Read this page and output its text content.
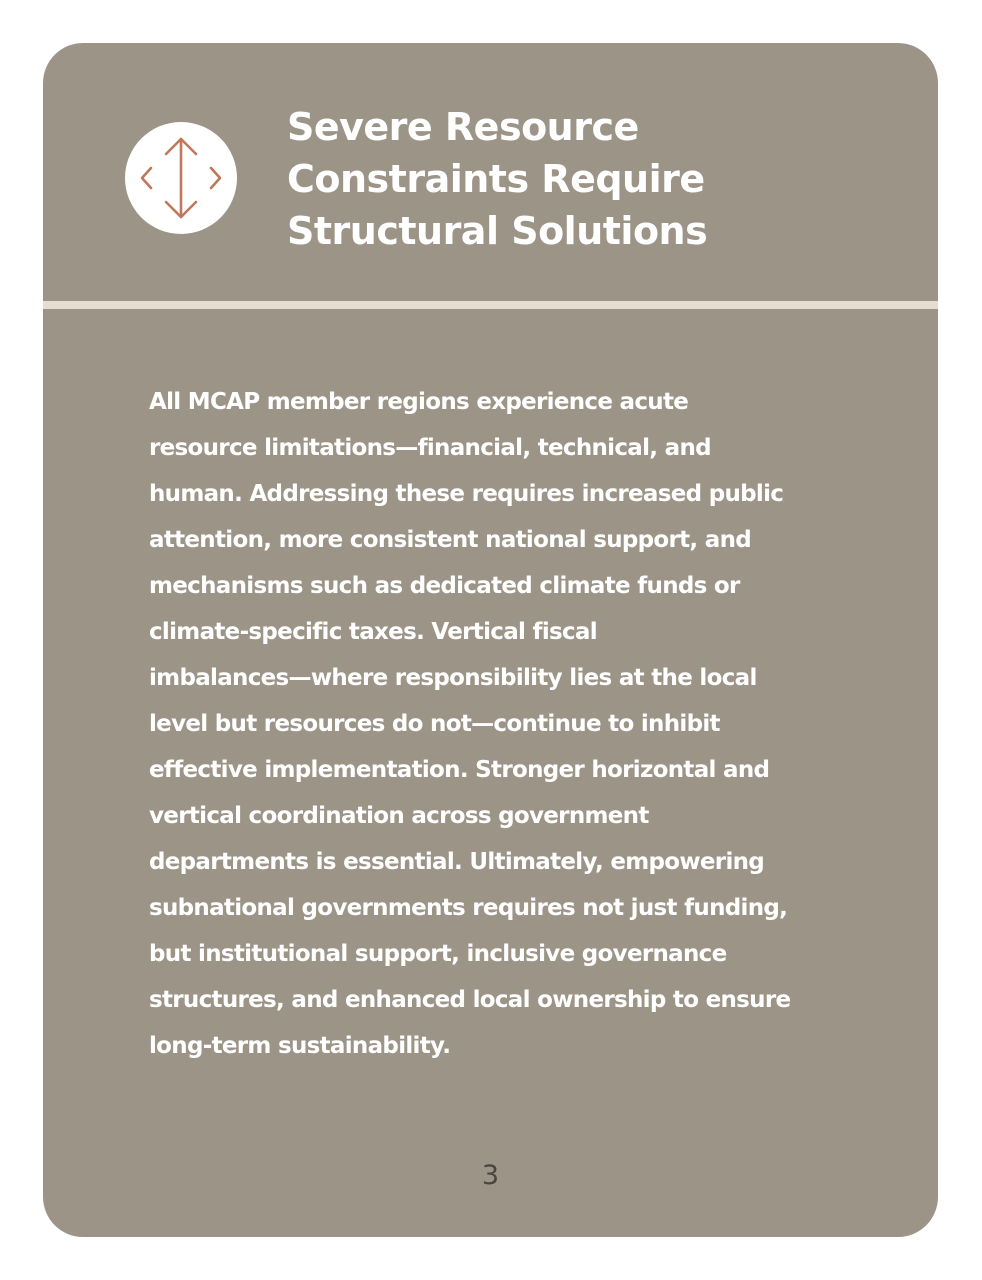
Severe Resource
Constraints Require
Structural Solutions

All MCAP member regions experience acute
resource limitations—financial, technical, and
human. Addressing these requires increased public
attention, more consistent national support, and
mechanisms such as dedicated climate funds or
climate-specific taxes. Vertical fiscal
imbalances—where responsibility lies at the local
level but resources do not—continue to inhibit
effective implementation. Stronger horizontal and
vertical coordination across government
departments is essential. Ultimately, empowering
subnational governments requires not just funding,
but institutional support, inclusive governance
structures, and enhanced local ownership to ensure
long-term sustainability.

3
